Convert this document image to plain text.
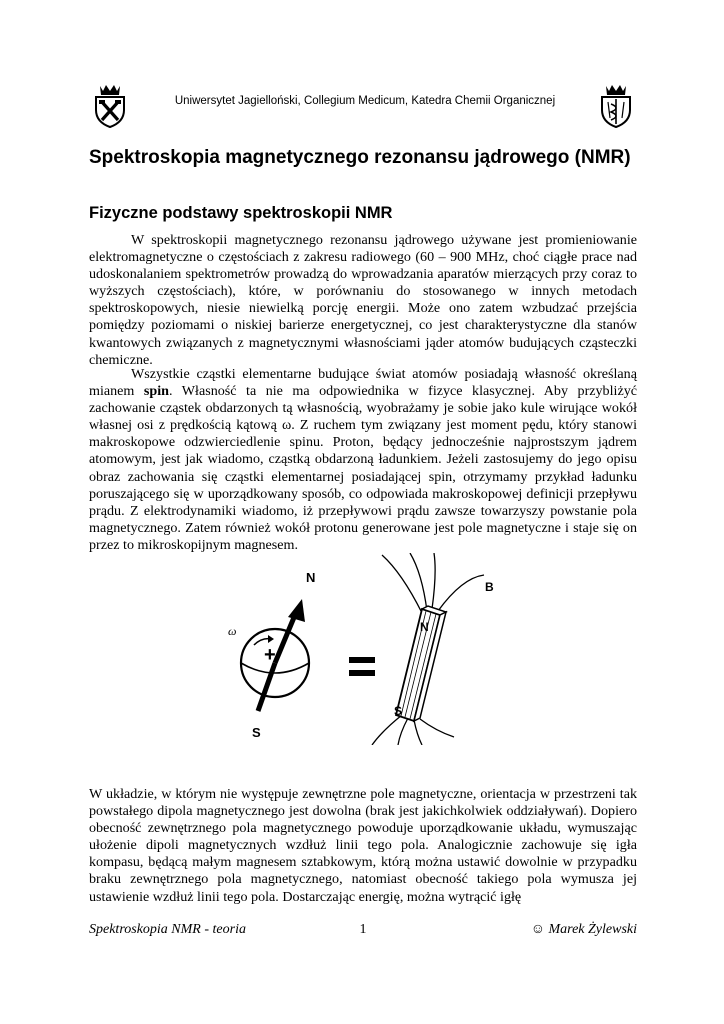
Uniwersytet Jagielloński, Collegium Medicum, Katedra Chemii Organicznej
Spektroskopia magnetycznego rezonansu jądrowego (NMR)
Fizyczne podstawy spektroskopii NMR

W spektroskopii magnetycznego rezonansu jądrowego używane jest promieniowanie elektromagnetyczne o częstościach z zakresu radiowego (60 – 900 MHz, choć ciągłe prace nad udoskonalaniem spektrometrów prowadzą do wprowadzania aparatów mierzących przy coraz to wyższych częstościach), które, w porównaniu do stosowanego w innych metodach spektroskopowych, niesie niewielką porcję energii. Może ono zatem wzbudzać przejścia pomiędzy poziomami o niskiej barierze energetycznej, co jest charakterystyczne dla stanów kwantowych związanych z magnetycznymi własnościami jąder atomów budujących cząsteczki chemiczne.

Wszystkie cząstki elementarne budujące świat atomów posiadają własność określaną mianem spin. Własność ta nie ma odpowiednika w fizyce klasycznej. Aby przybliżyć zachowanie cząstek obdarzonych tą własnością, wyobrażamy je sobie jako kule wirujące wokół własnej osi z prędkością kątową ω. Z ruchem tym związany jest moment pędu, który stanowi makroskopowe odzwierciedlenie spinu. Proton, będący jednocześnie najprostszym jądrem atomowym, jest jak wiadomo, cząstką obdarzoną ładunkiem. Jeżeli zastosujemy do jego opisu obraz zachowania się cząstki elementarnej posiadającej spin, otrzymamy przykład ładunku poruszającego się w uporządkowany sposób, co odpowiada makroskopowej definicji przepływu prądu. Z elektrodynamiki wiadomo, iż przepływowi prądu zawsze towarzyszy powstanie pola magnetycznego. Zatem również wokół protonu generowane jest pole magnetyczne i staje się on przez to mikroskopijnym magnesem.

ω
N
S
+
N
S
B

W układzie, w którym nie występuje zewnętrzne pole magnetyczne, orientacja w przestrzeni tak powstałego dipola magnetycznego jest dowolna (brak jest jakichkolwiek oddziaływań). Dopiero obecność zewnętrznego pola magnetycznego powoduje uporządkowanie układu, wymuszając ułożenie dipoli magnetycznych wzdłuż linii tego pola. Analogicznie zachowuje się igła kompasu, będącą małym magnesem sztabkowym, którą można ustawić dowolnie w przypadku braku zewnętrznego pola magnetycznego, natomiast obecność takiego pola wymusza jej ustawienie wzdłuż linii tego pola. Dostarczając energię, można wytrącić igłę

Spektroskopia NMR - teoria	1	☺ Marek Żylewski
